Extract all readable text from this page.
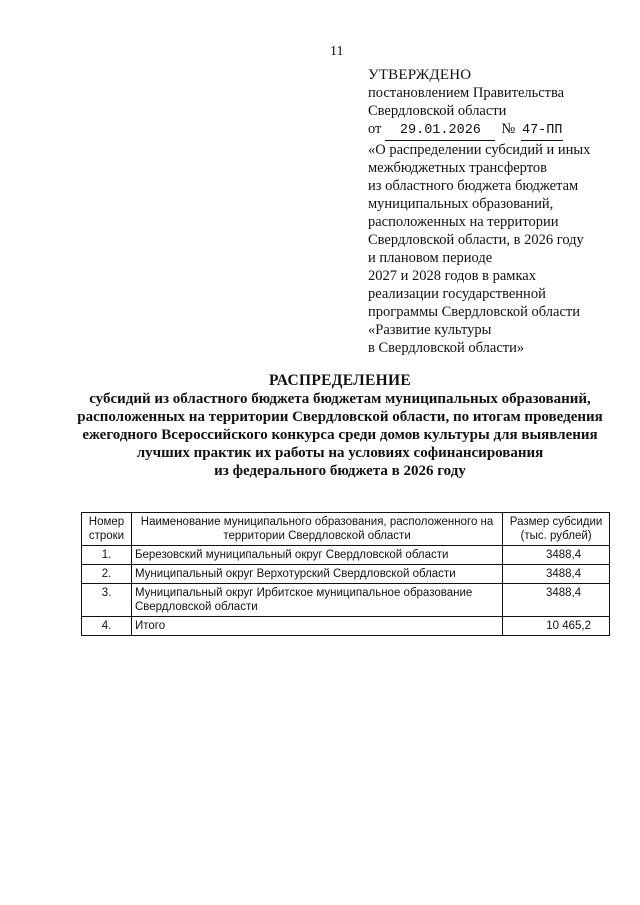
11
УТВЕРЖДЕНО
постановлением Правительства
Свердловской области
от	29.01.2026	№ 47-ПП
«О распределении субсидий и иных
межбюджетных трансфертов
из областного бюджета бюджетам
муниципальных образований,
расположенных на территории
Свердловской области, в 2026 году
и плановом периоде
2027 и 2028 годов в рамках
реализации государственной
программы Свердловской области
«Развитие культуры
в Свердловской области»
РАСПРЕДЕЛЕНИЕ
субсидий из областного бюджета бюджетам муниципальных образований,
расположенных на территории Свердловской области, по итогам проведения
ежегодного Всероссийского конкурса среди домов культуры для выявления
лучших практик их работы на условиях софинансирования
из федерального бюджета в 2026 году
Номер строки	Наименование муниципального образования, расположенного на территории Свердловской области	Размер субсидии (тыс. рублей)
1.	Березовский муниципальный округ Свердловской области	3488,4
2.	Муниципальный округ Верхотурский Свердловской области	3488,4
3.	Муниципальный округ Ирбитское муниципальное образование Свердловской области	3488,4
4.	Итого	10 465,2
